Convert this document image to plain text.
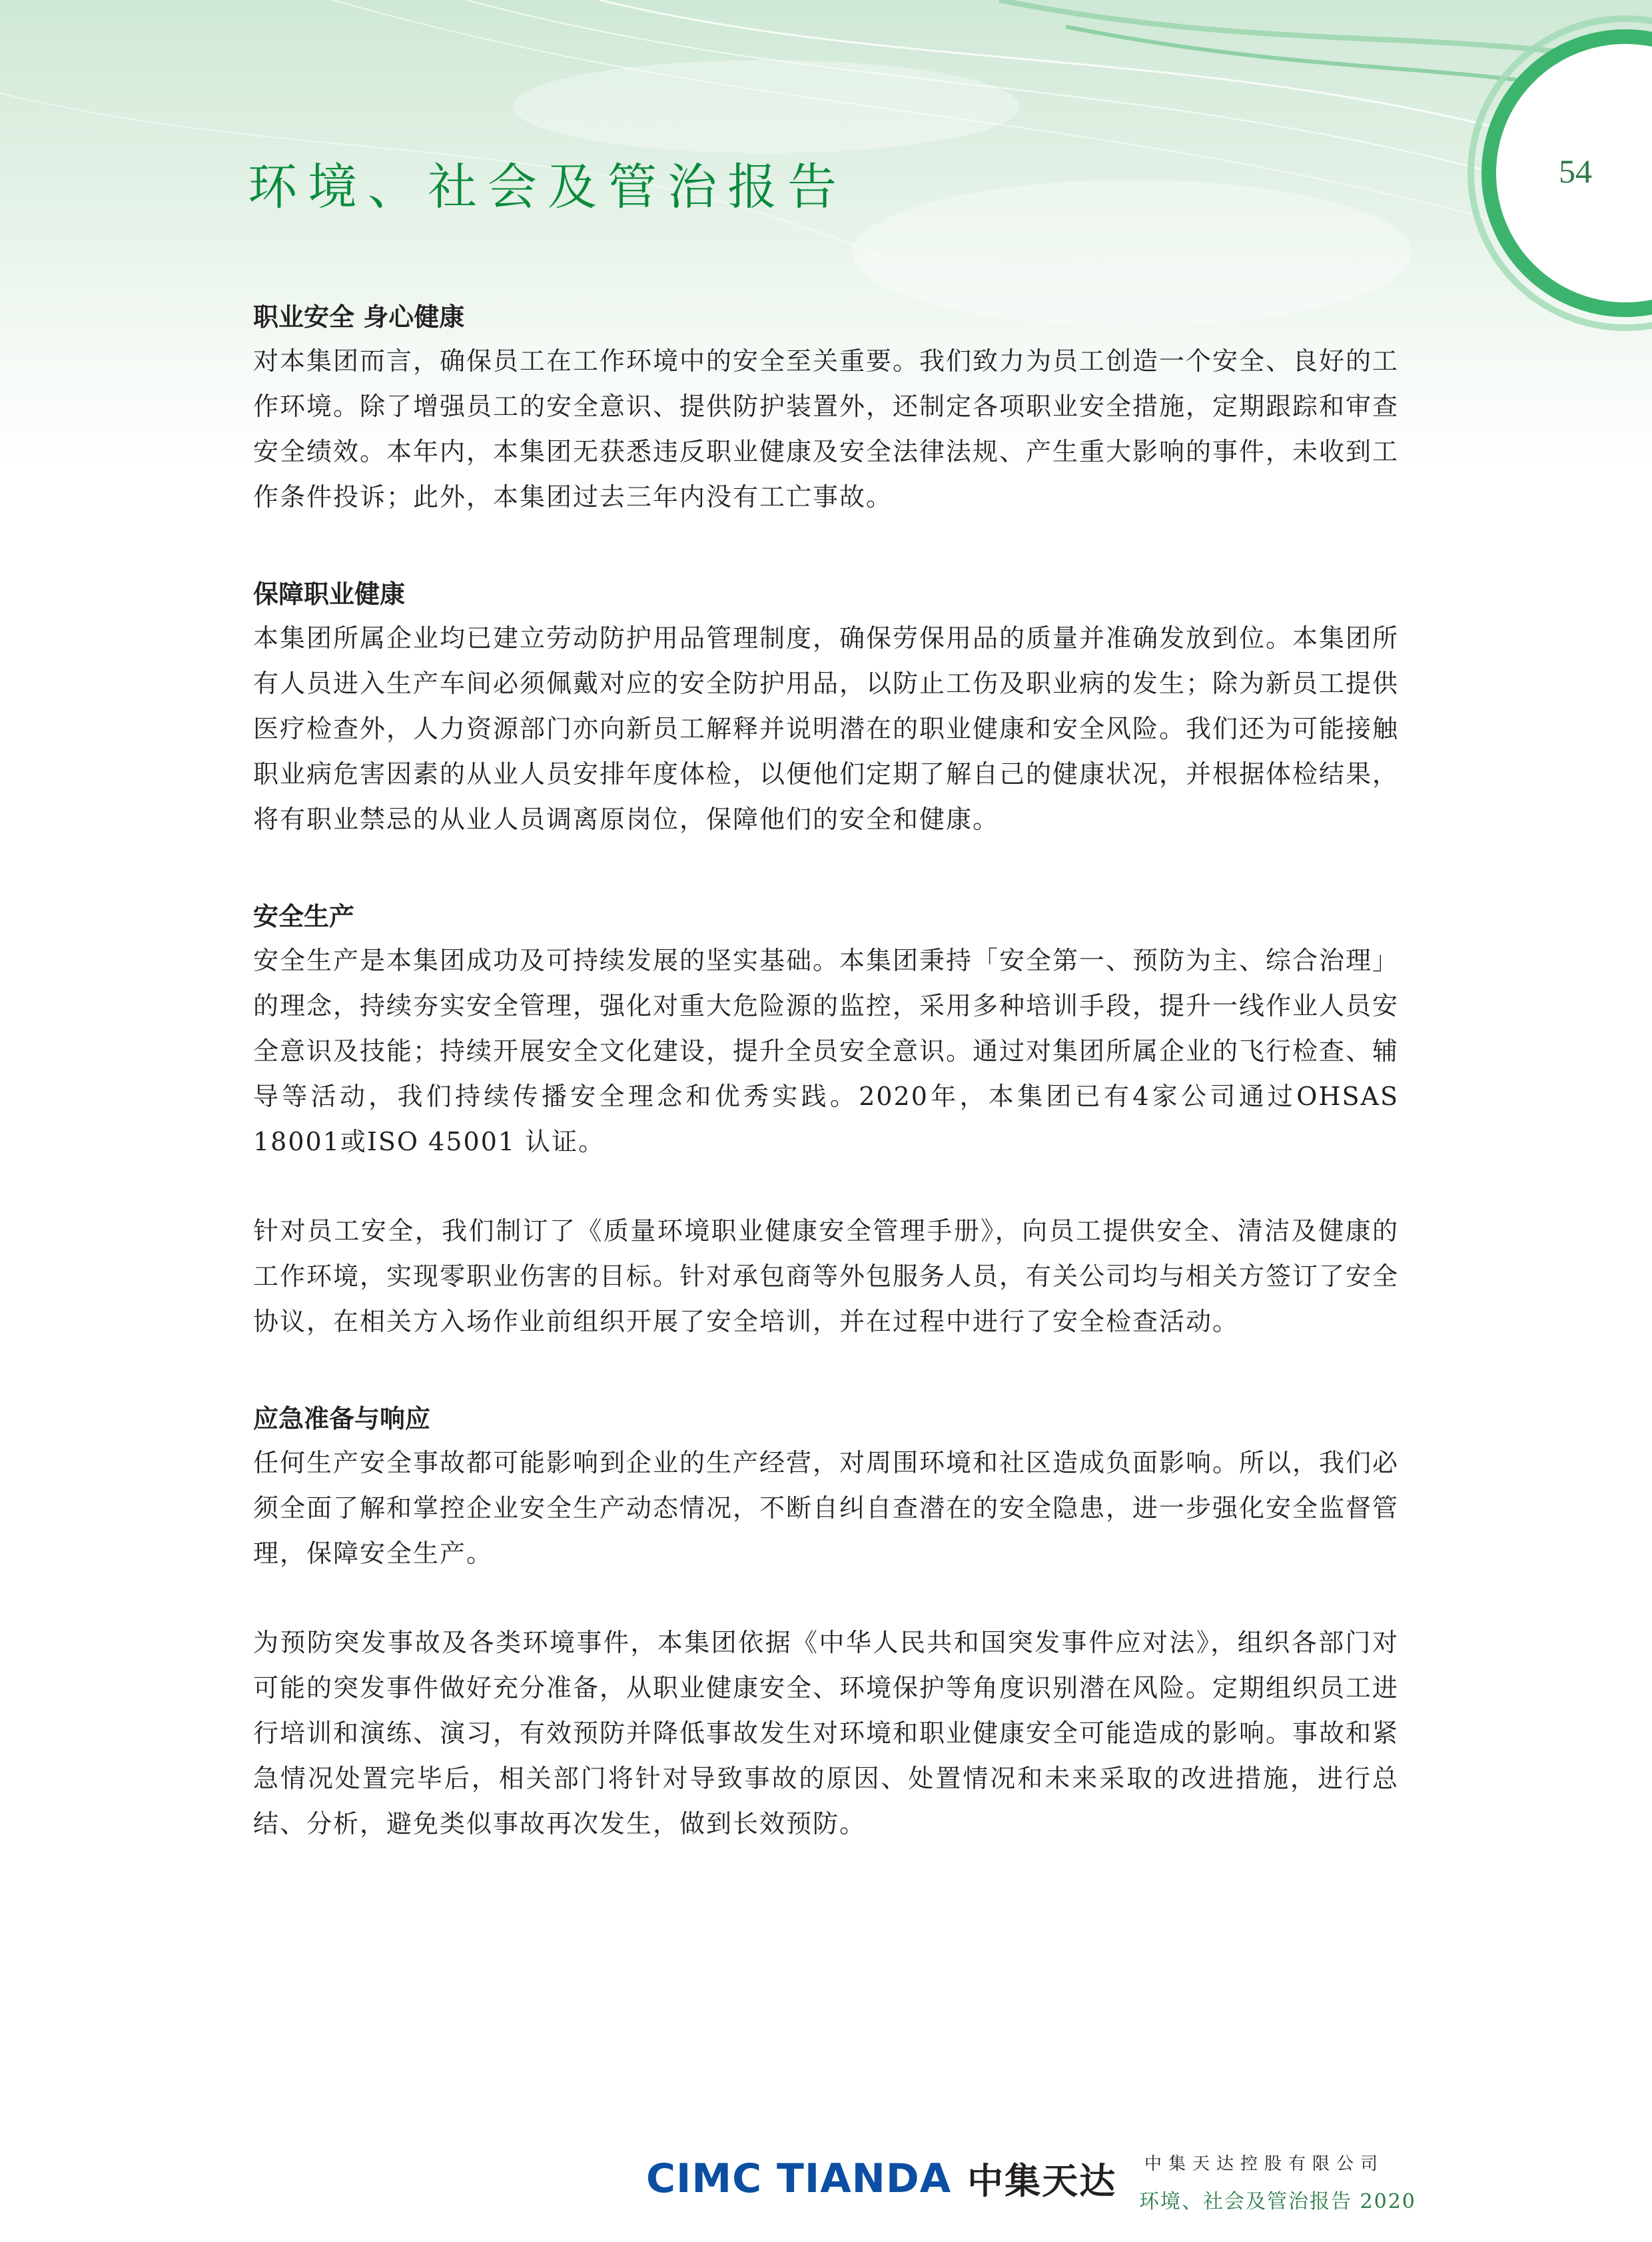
环境、社会及管治报告	54
职业安全 身心健康

对本集团而言，确保员工在工作环境中的安全至关重要。我们致力为员工创造一个安全、良好的工作环境。除了增强员工的安全意识、提供防护装置外，还制定各项职业安全措施，定期跟踪和审查安全绩效。本年内，本集团无获悉违反职业健康及安全法律法规、产生重大影响的事件，未收到工作条件投诉；此外，本集团过去三年内没有工亡事故。

保障职业健康

本集团所属企业均已建立劳动防护用品管理制度，确保劳保用品的质量并准确发放到位。本集团所有人员进入生产车间必须佩戴对应的安全防护用品，以防止工伤及职业病的发生；除为新员工提供医疗检查外，人力资源部门亦向新员工解释并说明潜在的职业健康和安全风险。我们还为可能接触职业病危害因素的从业人员安排年度体检，以便他们定期了解自己的健康状况，并根据体检结果，将有职业禁忌的从业人员调离原岗位，保障他们的安全和健康。

安全生产

安全生产是本集团成功及可持续发展的坚实基础。本集团秉持「安全第一、预防为主、综合治理」的理念，持续夯实安全管理，强化对重大危险源的监控，采用多种培训手段，提升一线作业人员安全意识及技能；持续开展安全文化建设，提升全员安全意识。通过对集团所属企业的飞行检查、辅导等活动，我们持续传播安全理念和优秀实践。2020年，本集团已有4家公司通过OHSAS 18001或ISO 45001 认证。

针对员工安全，我们制订了《质量环境职业健康安全管理手册》，向员工提供安全、清洁及健康的工作环境，实现零职业伤害的目标。针对承包商等外包服务人员，有关公司均与相关方签订了安全协议，在相关方入场作业前组织开展了安全培训，并在过程中进行了安全检查活动。

应急准备与响应

任何生产安全事故都可能影响到企业的生产经营，对周围环境和社区造成负面影响。所以，我们必须全面了解和掌控企业安全生产动态情况，不断自纠自查潜在的安全隐患，进一步强化安全监督管理，保障安全生产。

为预防突发事故及各类环境事件，本集团依据《中华人民共和国突发事件应对法》，组织各部门对可能的突发事件做好充分准备，从职业健康安全、环境保护等角度识别潜在风险。定期组织员工进行培训和演练、演习，有效预防并降低事故发生对环境和职业健康安全可能造成的影响。事故和紧急情况处置完毕后，相关部门将针对导致事故的原因、处置情况和未来采取的改进措施，进行总结、分析，避免类似事故再次发生，做到长效预防。

CIMC TIANDA 中集天达 中集天达控股有限公司
环境、社会及管治报告 2020
